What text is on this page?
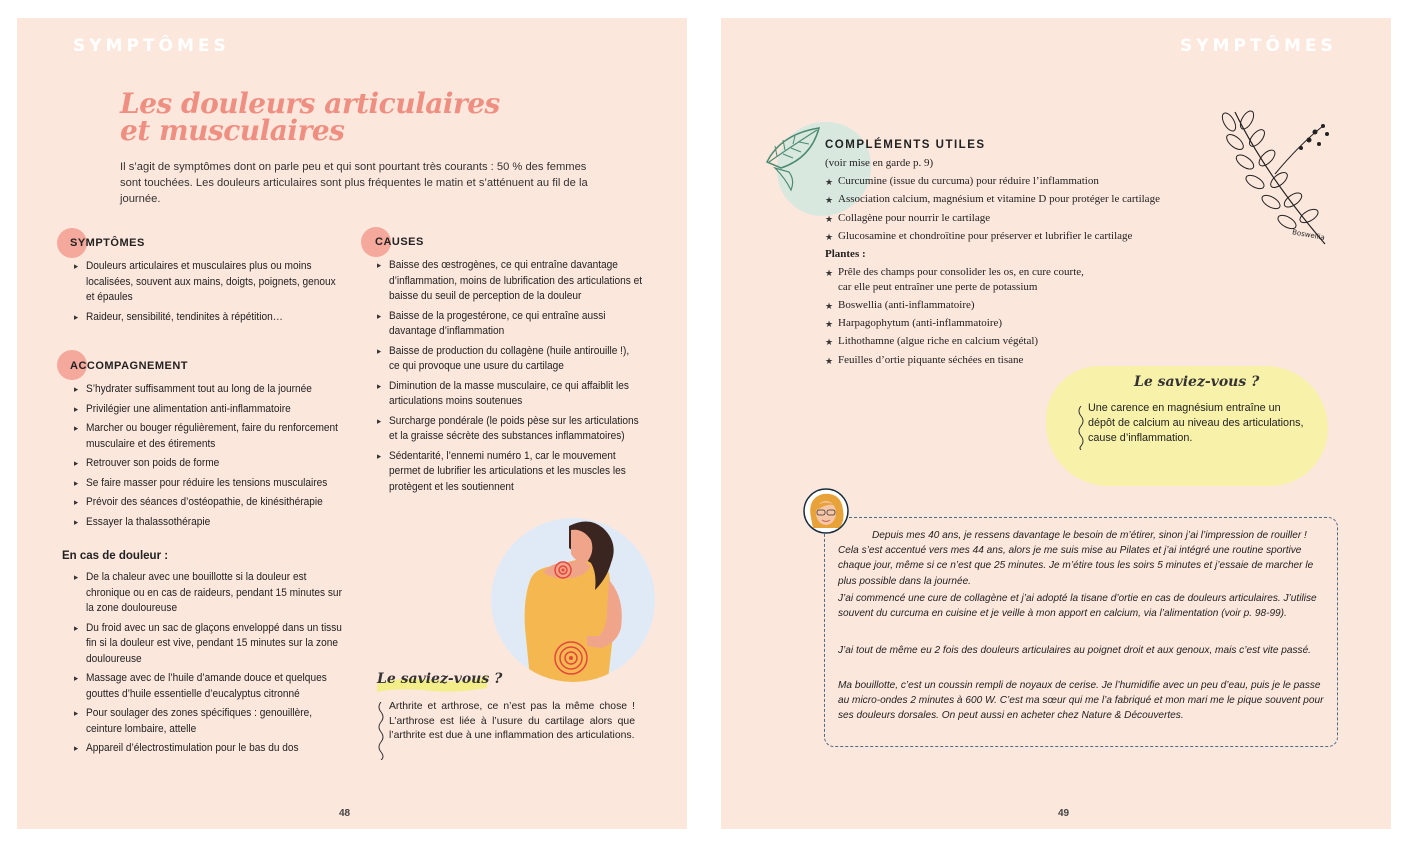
SYMPTÔMES
Les douleurs articulaires
et musculaires
Il s’agit de symptômes dont on parle peu et qui sont pourtant très courants : 50 % des femmes sont touchées. Les douleurs articulaires sont plus fréquentes le matin et s’atténuent au fil de la journée.
SYMPTÔMES
▸ Douleurs articulaires et musculaires plus ou moins localisées, souvent aux mains, doigts, poignets, genoux et épaules
▸ Raideur, sensibilité, tendinites à répétition…
ACCOMPAGNEMENT
▸ S’hydrater suffisamment tout au long de la journée
▸ Privilégier une alimentation anti-inflammatoire
▸ Marcher ou bouger régulièrement, faire du renforcement musculaire et des étirements
▸ Retrouver son poids de forme
▸ Se faire masser pour réduire les tensions musculaires
▸ Prévoir des séances d’ostéopathie, de kinésithérapie
▸ Essayer la thalassothérapie
En cas de douleur :
▸ De la chaleur avec une bouillotte si la douleur est chronique ou en cas de raideurs, pendant 15 minutes sur la zone douloureuse
▸ Du froid avec un sac de glaçons enveloppé dans un tissu fin si la douleur est vive, pendant 15 minutes sur la zone douloureuse
▸ Massage avec de l’huile d’amande douce et quelques gouttes d’huile essentielle d’eucalyptus citronné
▸ Pour soulager des zones spécifiques : genouillère, ceinture lombaire, attelle
▸ Appareil d’électrostimulation pour le bas du dos
CAUSES
▸ Baisse des œstrogènes, ce qui entraîne davantage d’inflammation, moins de lubrification des articulations et baisse du seuil de perception de la douleur
▸ Baisse de la progestérone, ce qui entraîne aussi davantage d’inflammation
▸ Baisse de production du collagène (huile antirouille !), ce qui provoque une usure du cartilage
▸ Diminution de la masse musculaire, ce qui affaiblit les articulations moins soutenues
▸ Surcharge pondérale (le poids pèse sur les articulations et la graisse sécrète des substances inflammatoires)
▸ Sédentarité, l’ennemi numéro 1, car le mouvement permet de lubrifier les articulations et les muscles les protègent et les soutiennent
Le saviez-vous ?
Arthrite et arthrose, ce n’est pas la même chose ! L’arthrose est liée à l’usure du cartilage alors que l’arthrite est due à une inflammation des articulations.
48
SYMPTÔMES
COMPLÉMENTS UTILES
(voir mise en garde p. 9)
★ Curcumine (issue du curcuma) pour réduire l’inflammation
★ Association calcium, magnésium et vitamine D pour protéger le cartilage
★ Collagène pour nourrir le cartilage
★ Glucosamine et chondroïtine pour préserver et lubrifier le cartilage
Plantes :
★ Prêle des champs pour consolider les os, en cure courte,
car elle peut entraîner une perte de potassium
★ Boswellia (anti-inflammatoire)
★ Harpagophytum (anti-inflammatoire)
★ Lithothamne (algue riche en calcium végétal)
★ Feuilles d’ortie piquante séchées en tisane
Boswellia
Le saviez-vous ?
Une carence en magnésium entraîne un dépôt de calcium au niveau des articulations, cause d’inflammation.

Depuis mes 40 ans, je ressens davantage le besoin de m’étirer, sinon j’ai l’impression de rouiller ! Cela s’est accentué vers mes 44 ans, alors je me suis mise au Pilates et j’ai intégré une routine sportive chaque jour, même si ce n’est que 25 minutes. Je m’étire tous les soirs 5 minutes et j’essaie de marcher le plus possible dans la journée.

J’ai commencé une cure de collagène et j’ai adopté la tisane d’ortie en cas de douleurs articulaires. J’utilise souvent du curcuma en cuisine et je veille à mon apport en calcium, via l’alimentation (voir p. 98-99).

J’ai tout de même eu 2 fois des douleurs articulaires au poignet droit et aux genoux, mais c’est vite passé.

Ma bouillotte, c’est un coussin rempli de noyaux de cerise. Je l’humidifie avec un peu d’eau, puis je le passe au micro-ondes 2 minutes à 600 W. C’est ma sœur qui me l’a fabriqué et mon mari me le pique souvent pour ses douleurs dorsales. On peut aussi en acheter chez Nature & Découvertes.

49
